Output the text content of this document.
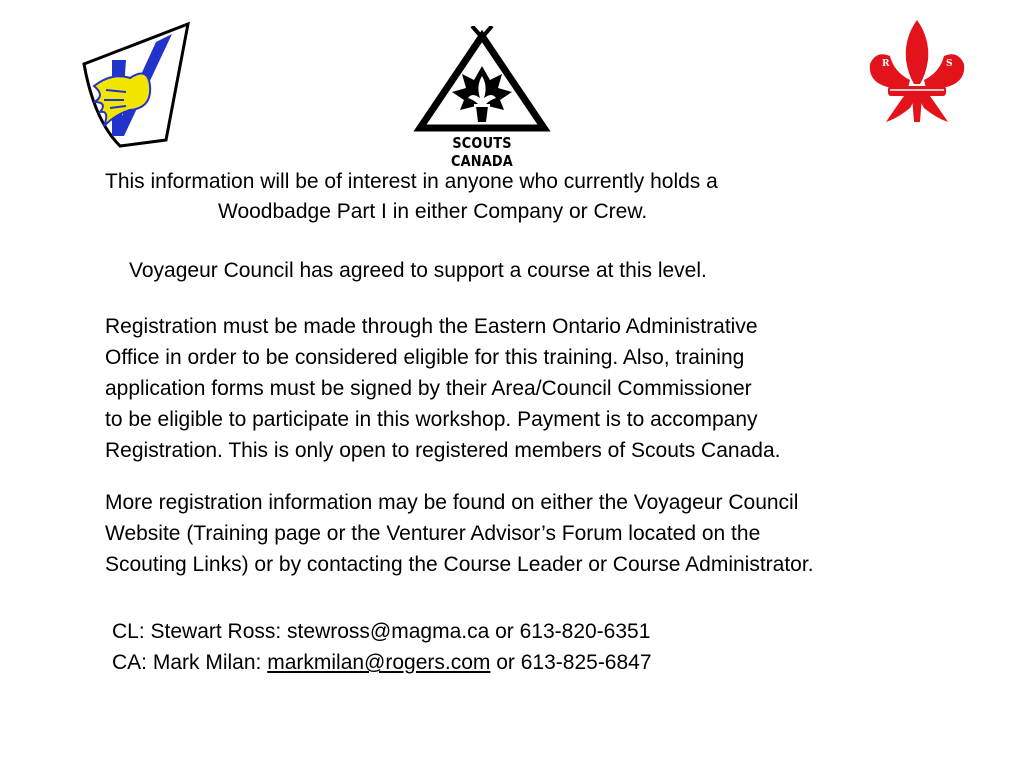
SCOUTS CANADA
R	S
This information will be of interest in anyone who currently holds a
Woodbadge Part I in either Company or Crew.
Voyageur Council has agreed to support a course at this level.
Registration must be made through the Eastern Ontario Administrative
Office in order to be considered eligible for this training. Also, training
application forms must be signed by their Area/Council Commissioner
to be eligible to participate in this workshop. Payment is to accompany
Registration. This is only open to registered members of Scouts Canada.
More registration information may be found on either the Voyageur Council
Website (Training page or the Venturer Advisor’s Forum located on the
Scouting Links) or by contacting the Course Leader or Course Administrator.
CL: Stewart Ross: stewross@magma.ca or 613-820-6351
CA: Mark Milan: markmilan@rogers.com or 613-825-6847
